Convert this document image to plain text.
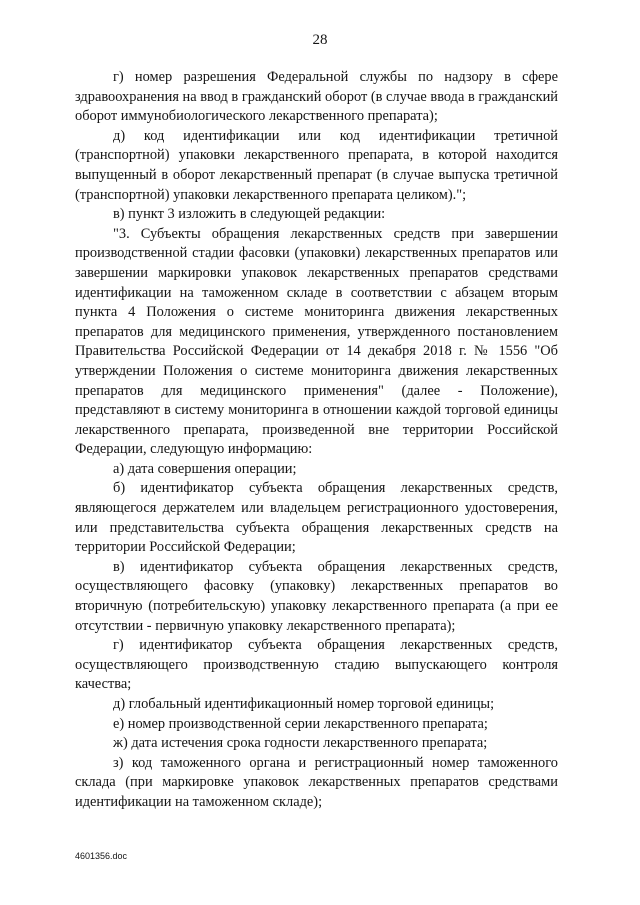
28

г) номер разрешения Федеральной службы по надзору в сфере здравоохранения на ввод в гражданский оборот (в случае ввода в гражданский оборот иммунобиологического лекарственного препарата);

д) код идентификации или код идентификации третичной (транспортной) упаковки лекарственного препарата, в которой находится выпущенный в оборот лекарственный препарат (в случае выпуска третичной (транспортной) упаковки лекарственного препарата целиком).";

в) пункт 3 изложить в следующей редакции:

"3. Субъекты обращения лекарственных средств при завершении производственной стадии фасовки (упаковки) лекарственных препаратов или завершении маркировки упаковок лекарственных препаратов средствами идентификации на таможенном складе в соответствии с абзацем вторым пункта 4 Положения о системе мониторинга движения лекарственных препаратов для медицинского применения, утвержденного постановлением Правительства Российской Федерации от 14 декабря 2018 г. № 1556 "Об утверждении Положения о системе мониторинга движения лекарственных препаратов для медицинского применения" (далее - Положение), представляют в систему мониторинга в отношении каждой торговой единицы лекарственного препарата, произведенной вне территории Российской Федерации, следующую информацию:

а) дата совершения операции;

б) идентификатор субъекта обращения лекарственных средств, являющегося держателем или владельцем регистрационного удостоверения, или представительства субъекта обращения лекарственных средств на территории Российской Федерации;

в) идентификатор субъекта обращения лекарственных средств, осуществляющего фасовку (упаковку) лекарственных препаратов во вторичную (потребительскую) упаковку лекарственного препарата (а при ее отсутствии - первичную упаковку лекарственного препарата);

г) идентификатор субъекта обращения лекарственных средств, осуществляющего производственную стадию выпускающего контроля качества;

д) глобальный идентификационный номер торговой единицы;

е) номер производственной серии лекарственного препарата;

ж) дата истечения срока годности лекарственного препарата;

з) код таможенного органа и регистрационный номер таможенного склада (при маркировке упаковок лекарственных препаратов средствами идентификации на таможенном складе);

4601356.doc
